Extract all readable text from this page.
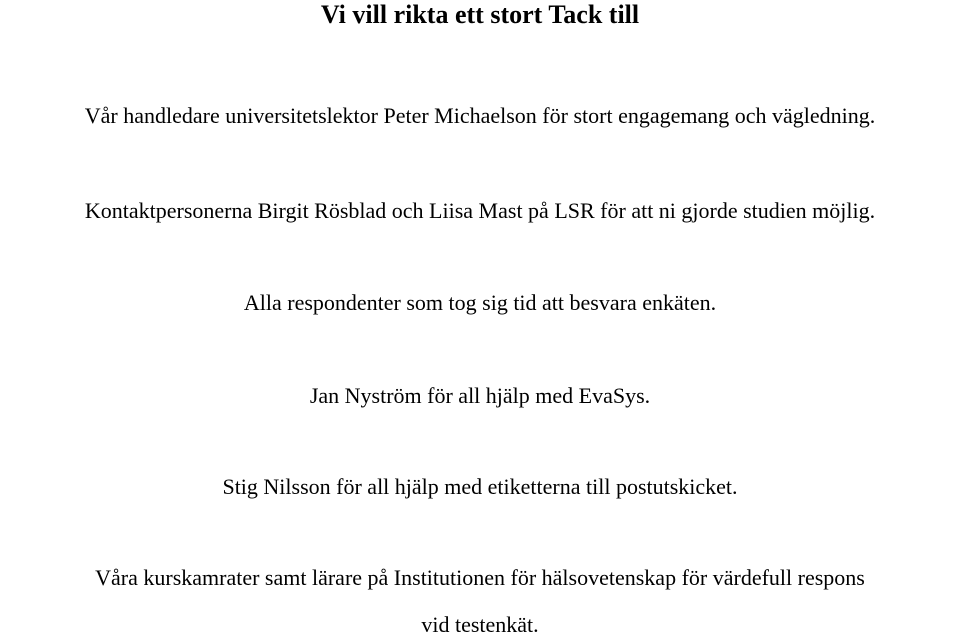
Vi vill rikta ett stort Tack till

Vår handledare universitetslektor Peter Michaelson för stort engagemang och vägledning.

Kontaktpersonerna Birgit Rösblad och Liisa Mast på LSR för att ni gjorde studien möjlig.

Alla respondenter som tog sig tid att besvara enkäten.

Jan Nyström för all hjälp med EvaSys.

Stig Nilsson för all hjälp med etiketterna till postutskicket.

Våra kurskamrater samt lärare på Institutionen för hälsovetenskap för värdefull respons

vid testenkät.
